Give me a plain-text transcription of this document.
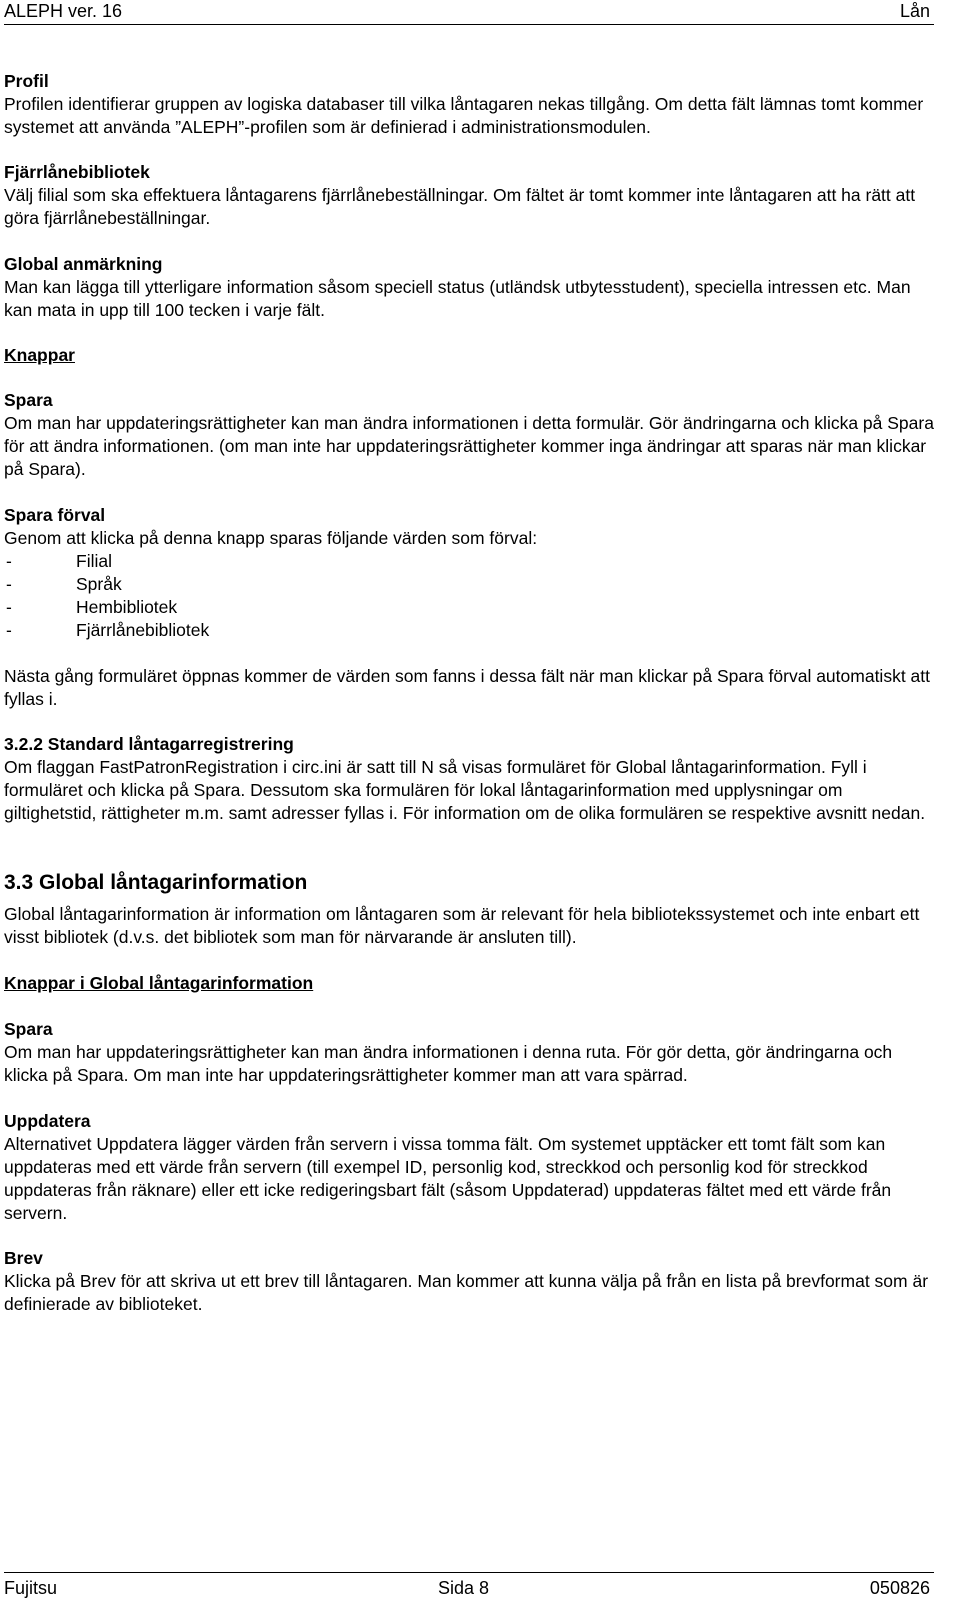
ALEPH ver. 16	Lån

Profil

Profilen identifierar gruppen av logiska databaser till vilka låntagaren nekas tillgång. Om detta fält lämnas tomt kommer systemet att använda ”ALEPH”-profilen som är definierad i administrationsmodulen.

Fjärrlånebibliotek

Välj filial som ska effektuera låntagarens fjärrlånebeställningar. Om fältet är tomt kommer inte låntagaren att ha rätt att göra fjärrlånebeställningar.

Global anmärkning

Man kan lägga till ytterligare information såsom speciell status (utländsk utbytesstudent), speciella intressen etc. Man kan mata in upp till 100 tecken i varje fält.

Knappar

Spara

Om man har uppdateringsrättigheter kan man ändra informationen i detta formulär. Gör ändringarna och klicka på Spara för att ändra informationen. (om man inte har uppdateringsrättigheter kommer inga ändringar att sparas när man klickar på Spara).

Spara förval

Genom att klicka på denna knapp sparas följande värden som förval:

-	Filial
-	Språk
-	Hembibliotek
-	Fjärrlånebibliotek

Nästa gång formuläret öppnas kommer de värden som fanns i dessa fält när man klickar på Spara förval automatiskt att fyllas i.

3.2.2 Standard låntagarregistrering

Om flaggan FastPatronRegistration i circ.ini är satt till N så visas formuläret för Global låntagarinformation. Fyll i formuläret och klicka på Spara. Dessutom ska formulären för lokal låntagarinformation med upplysningar om giltighetstid, rättigheter m.m. samt adresser fyllas i. För information om de olika formulären se respektive avsnitt nedan.

3.3 Global låntagarinformation

Global låntagarinformation är information om låntagaren som är relevant för hela bibliotekssystemet och inte enbart ett visst bibliotek (d.v.s. det bibliotek som man för närvarande är ansluten till).

Knappar i Global låntagarinformation

Spara

Om man har uppdateringsrättigheter kan man ändra informationen i denna ruta. För gör detta, gör ändringarna och klicka på Spara. Om man inte har uppdateringsrättigheter kommer man att vara spärrad.

Uppdatera

Alternativet Uppdatera lägger värden från servern i vissa tomma fält. Om systemet upptäcker ett tomt fält som kan uppdateras med ett värde från servern (till exempel ID, personlig kod, streckkod och personlig kod för streckkod uppdateras från räknare) eller ett icke redigeringsbart fält (såsom Uppdaterad) uppdateras fältet med ett värde från servern.

Brev

Klicka på Brev för att skriva ut ett brev till låntagaren. Man kommer att kunna välja på från en lista på brevformat som är definierade av biblioteket.

Fujitsu	Sida 8	050826
